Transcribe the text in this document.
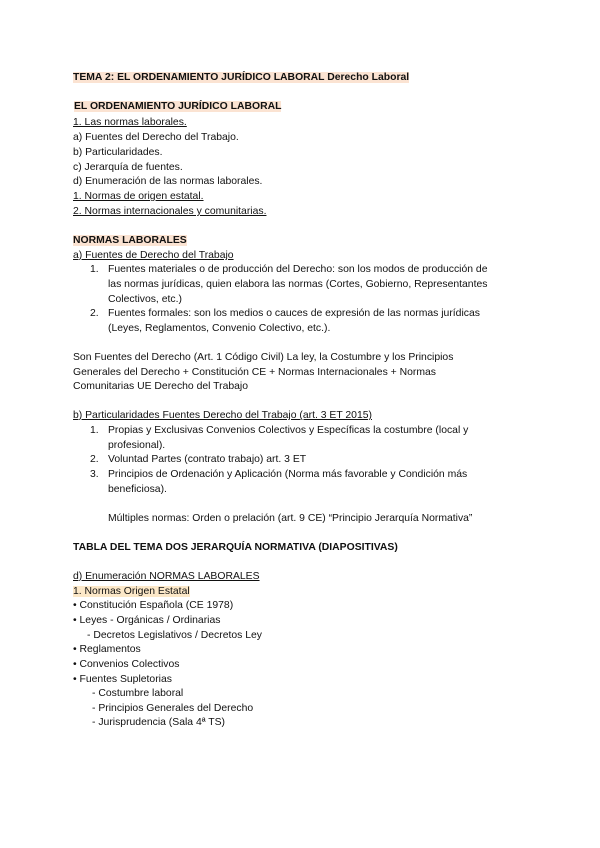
TEMA 2: EL ORDENAMIENTO JURÍDICO LABORAL Derecho Laboral
EL ORDENAMIENTO JURÍDICO LABORAL
1. Las normas laborales.
a) Fuentes del Derecho del Trabajo.
b) Particularidades.
c) Jerarquía de fuentes.
d) Enumeración de las normas laborales.
1. Normas de origen estatal.
2. Normas internacionales y comunitarias.
NORMAS LABORALES
a) Fuentes de Derecho del Trabajo
1. Fuentes materiales o de producción del Derecho: son los modos de producción de
las normas jurídicas, quien elabora las normas (Cortes, Gobierno, Representantes
Colectivos, etc.)
2. Fuentes formales: son los medios o cauces de expresión de las normas jurídicas
(Leyes, Reglamentos, Convenio Colectivo, etc.).
Son Fuentes del Derecho (Art. 1 Código Civil) La ley, la Costumbre y los Principios
Generales del Derecho + Constitución CE + Normas Internacionales + Normas
Comunitarias UE Derecho del Trabajo
b) Particularidades Fuentes Derecho del Trabajo (art. 3 ET 2015)
1. Propias y Exclusivas Convenios Colectivos y Específicas la costumbre (local y
profesional).
2. Voluntad Partes (contrato trabajo) art. 3 ET
3. Principios de Ordenación y Aplicación (Norma más favorable y Condición más
beneficiosa).
Múltiples normas: Orden o prelación (art. 9 CE) “Principio Jerarquía Normativa”
TABLA DEL TEMA DOS JERARQUÍA NORMATIVA (DIAPOSITIVAS)
d) Enumeración NORMAS LABORALES
1. Normas Origen Estatal
• Constitución Española (CE 1978)
• Leyes - Orgánicas / Ordinarias
- Decretos Legislativos / Decretos Ley
• Reglamentos
• Convenios Colectivos
• Fuentes Supletorias
- Costumbre laboral
- Principios Generales del Derecho
- Jurisprudencia (Sala 4ª TS)
